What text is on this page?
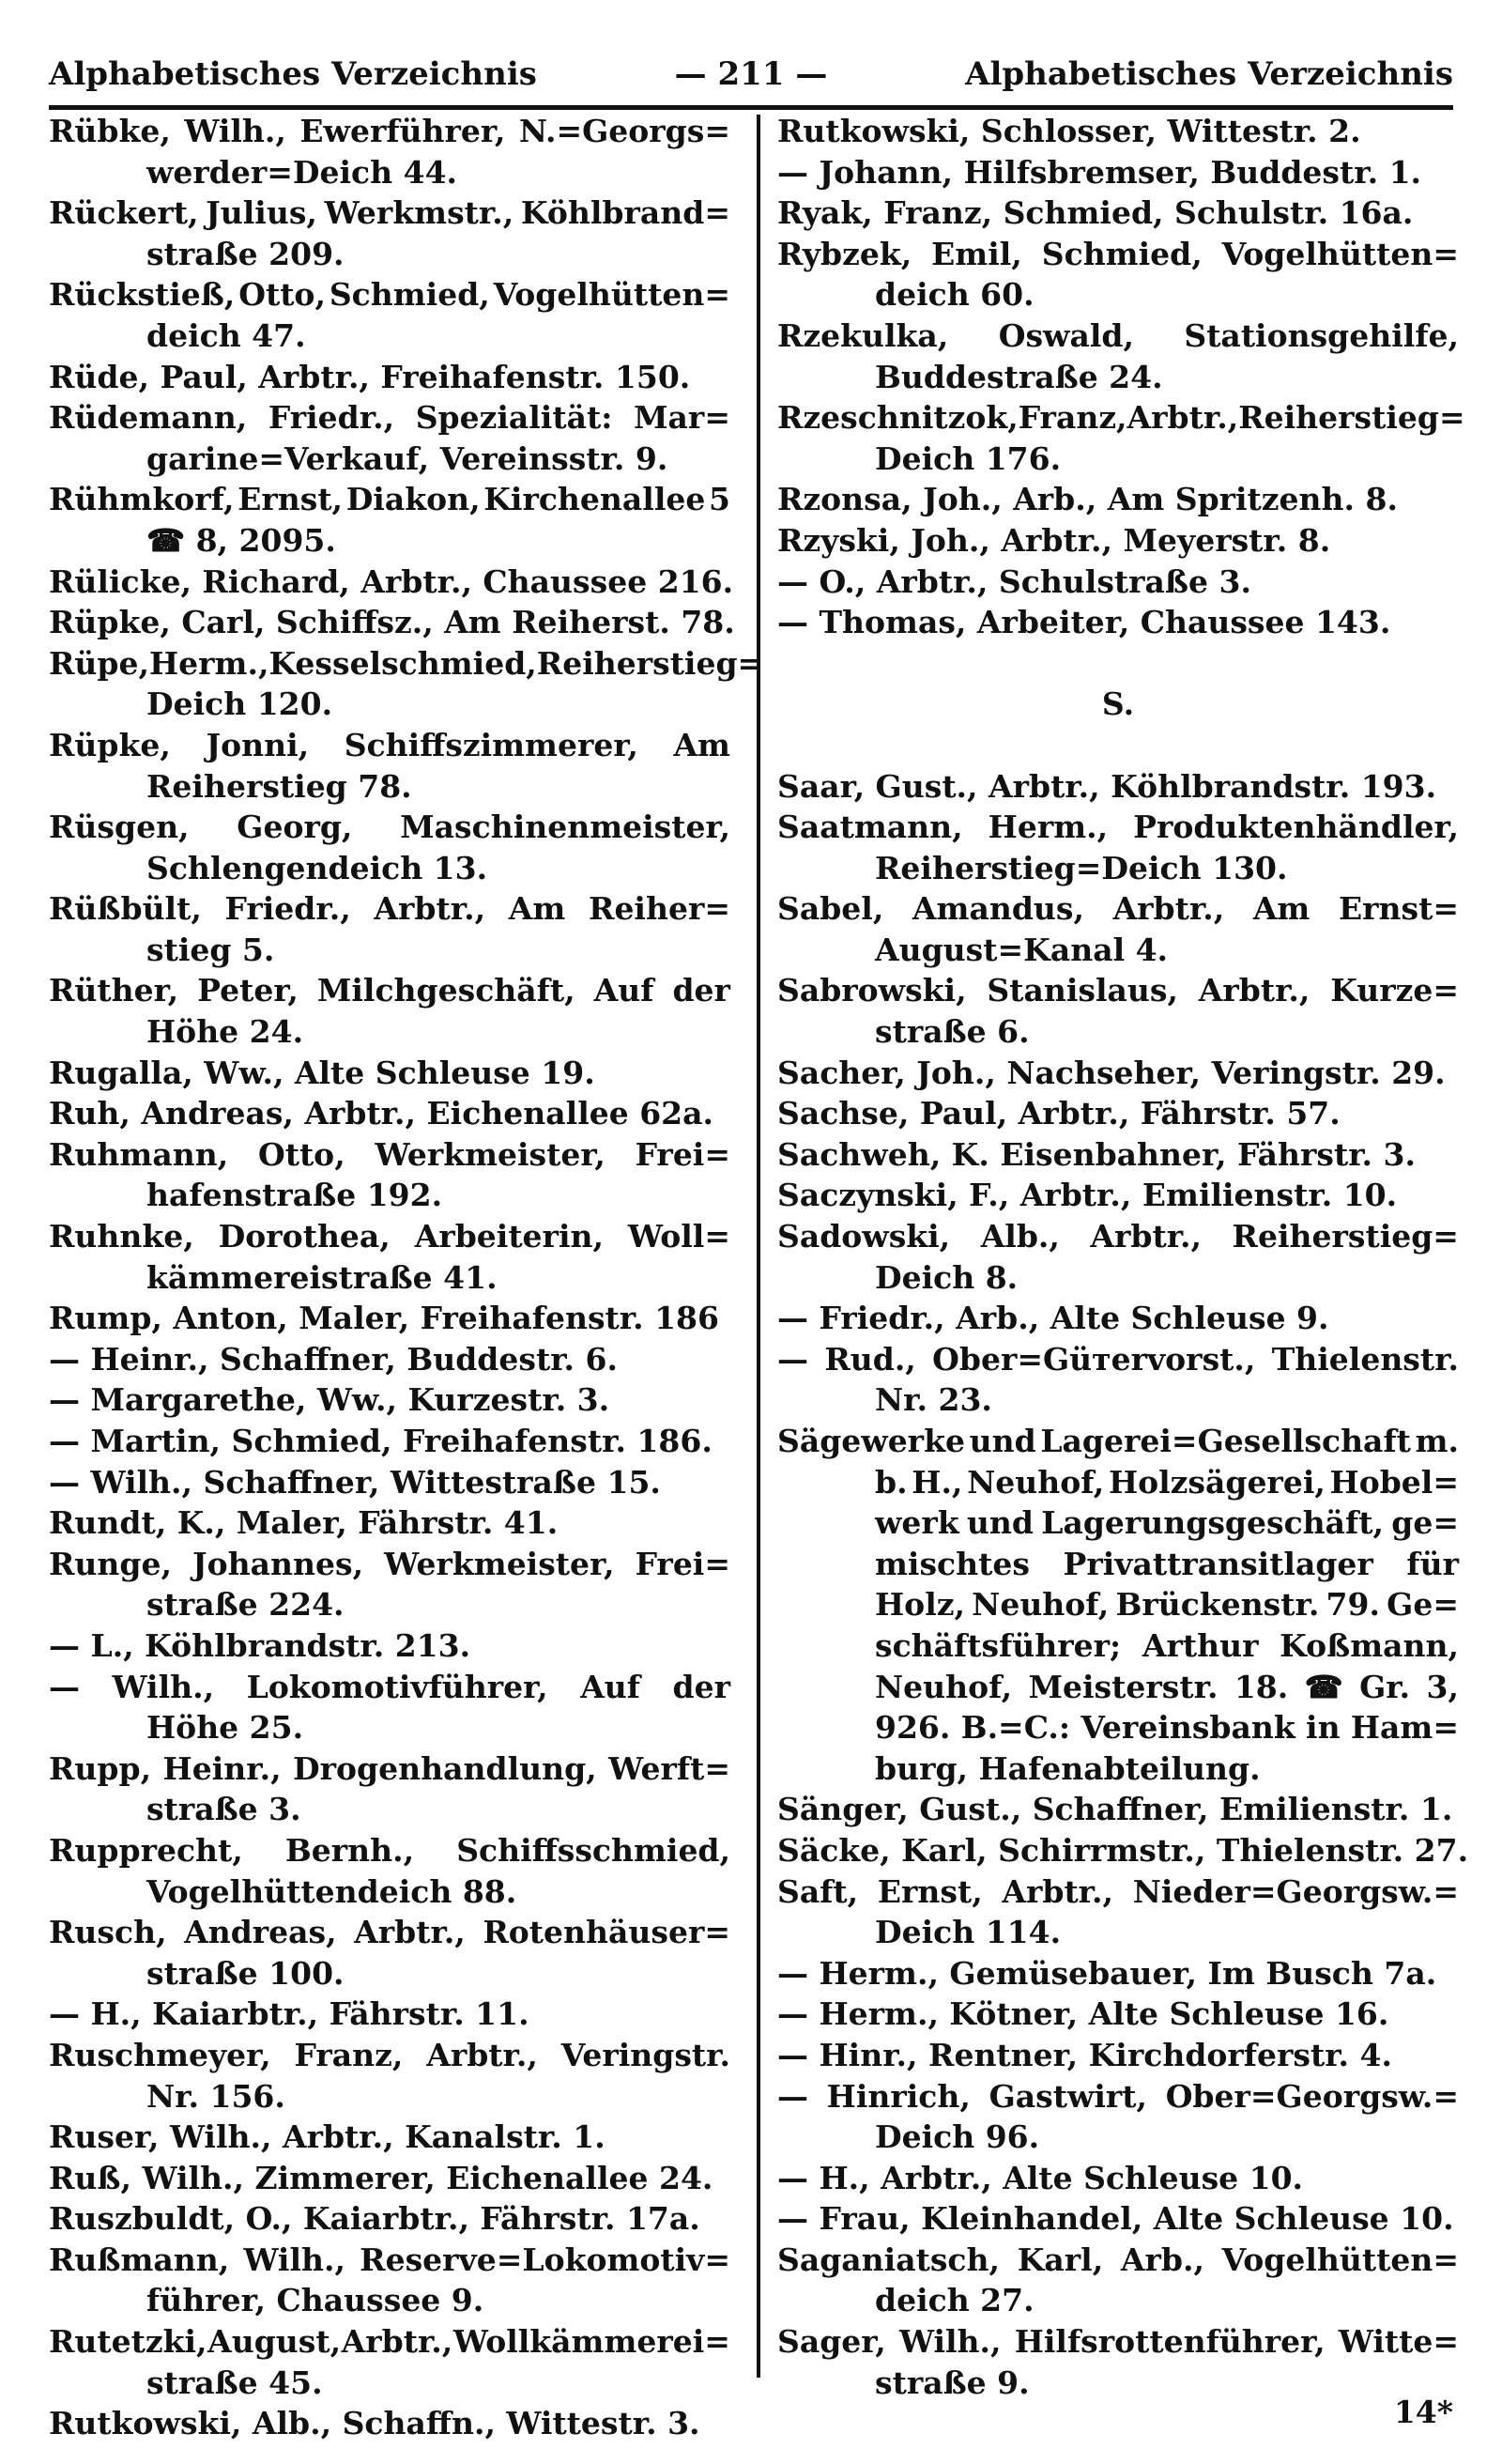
Alphabetisches Verzeichnis	— 211 —	Alphabetisches Verzeichnis
Rübke, Wilh., Ewerführer, N.=Georgs=
werder=Deich 44.
Rückert, Julius, Werkmstr., Köhlbrand=
straße 209.
Rückstieß, Otto, Schmied, Vogelhütten=
deich 47.
Rüde, Paul, Arbtr., Freihafenstr. 150.
Rüdemann, Friedr., Spezialität: Mar=
garine=Verkauf, Vereinsstr. 9.
Rühmkorf, Ernst, Diakon, Kirchenallee 5
☎ 8, 2095.
Rülicke, Richard, Arbtr., Chaussee 216.
Rüpke, Carl, Schiffsz., Am Reiherst. 78.
Rüpe, Herm., Kesselschmied, Reiherstieg=
Deich 120.
Rüpke, Jonni, Schiffszimmerer, Am
Reiherstieg 78.
Rüsgen, Georg, Maschinenmeister,
Schlengendeich 13.
Rüßbült, Friedr., Arbtr., Am Reiher=
stieg 5.
Rüther, Peter, Milchgeschäft, Auf der
Höhe 24.
Rugalla, Ww., Alte Schleuse 19.
Ruh, Andreas, Arbtr., Eichenallee 62a.
Ruhmann, Otto, Werkmeister, Frei=
hafenstraße 192.
Ruhnke, Dorothea, Arbeiterin, Woll=
kämmereistraße 41.
Rump, Anton, Maler, Freihafenstr. 186
— Heinr., Schaffner, Buddestr. 6.
— Margarethe, Ww., Kurzestr. 3.
— Martin, Schmied, Freihafenstr. 186.
— Wilh., Schaffner, Wittestraße 15.
Rundt, K., Maler, Fährstr. 41.
Runge, Johannes, Werkmeister, Frei=
straße 224.
— L., Köhlbrandstr. 213.
— Wilh., Lokomotivführer, Auf der
Höhe 25.
Rupp, Heinr., Drogenhandlung, Werft=
straße 3.
Rupprecht, Bernh., Schiffsschmied,
Vogelhüttendeich 88.
Rusch, Andreas, Arbtr., Rotenhäuser=
straße 100.
— H., Kaiarbtr., Fährstr. 11.
Ruschmeyer, Franz, Arbtr., Veringstr.
Nr. 156.
Ruser, Wilh., Arbtr., Kanalstr. 1.
Ruß, Wilh., Zimmerer, Eichenallee 24.
Ruszbuldt, O., Kaiarbtr., Fährstr. 17a.
Rußmann, Wilh., Reserve=Lokomotiv=
führer, Chaussee 9.
Rutetzki, August, Arbtr., Wollkämmerei=
straße 45.
Rutkowski, Alb., Schaffn., Wittestr. 3.
Rutkowski, Schlosser, Wittestr. 2.
— Johann, Hilfsbremser, Buddestr. 1.
Ryak, Franz, Schmied, Schulstr. 16a.
Rybzek, Emil, Schmied, Vogelhütten=
deich 60.
Rzekulka, Oswald, Stationsgehilfe,
Buddestraße 24.
Rzeschnitzok, Franz, Arbtr., Reiherstieg=
Deich 176.
Rzonsa, Joh., Arb., Am Spritzenh. 8.
Rzyski, Joh., Arbtr., Meyerstr. 8.
— O., Arbtr., Schulstraße 3.
— Thomas, Arbeiter, Chaussee 143.
S.
Saar, Gust., Arbtr., Köhlbrandstr. 193.
Saatmann, Herm., Produktenhändler,
Reiherstieg=Deich 130.
Sabel, Amandus, Arbtr., Am Ernst=
August=Kanal 4.
Sabrowski, Stanislaus, Arbtr., Kurze=
straße 6.
Sacher, Joh., Nachseher, Veringstr. 29.
Sachse, Paul, Arbtr., Fährstr. 57.
Sachweh, K. Eisenbahner, Fährstr. 3.
Saczynski, F., Arbtr., Emilienstr. 10.
Sadowski, Alb., Arbtr., Reiherstieg=
Deich 8.
— Friedr., Arb., Alte Schleuse 9.
— Rud., Ober=Güтervorst., Thielenstr.
Nr. 23.
Sägewerke und Lagerei=Gesellschaft m.
b. H., Neuhof, Holzsägerei, Hobel=
werk und Lagerungsgeschäft, ge=
mischtes Privattransitlager für
Holz, Neuhof, Brückenstr. 79. Ge=
schäftsführer; Arthur Koßmann,
Neuhof, Meisterstr. 18. ☎ Gr. 3,
926. B.=C.: Vereinsbank in Ham=
burg, Hafenabteilung.
Sänger, Gust., Schaffner, Emilienstr. 1.
Säcke, Karl, Schirrmstr., Thielenstr. 27.
Saft, Ernst, Arbtr., Nieder=Georgsw.=
Deich 114.
— Herm., Gemüsebauer, Im Busch 7a.
— Herm., Kötner, Alte Schleuse 16.
— Hinr., Rentner, Kirchdorferstr. 4.
— Hinrich, Gastwirt, Ober=Georgsw.=
Deich 96.
— H., Arbtr., Alte Schleuse 10.
— Frau, Kleinhandel, Alte Schleuse 10.
Saganiatsch, Karl, Arb., Vogelhütten=
deich 27.
Sager, Wilh., Hilfsrottenführer, Witte=
straße 9.
14*
